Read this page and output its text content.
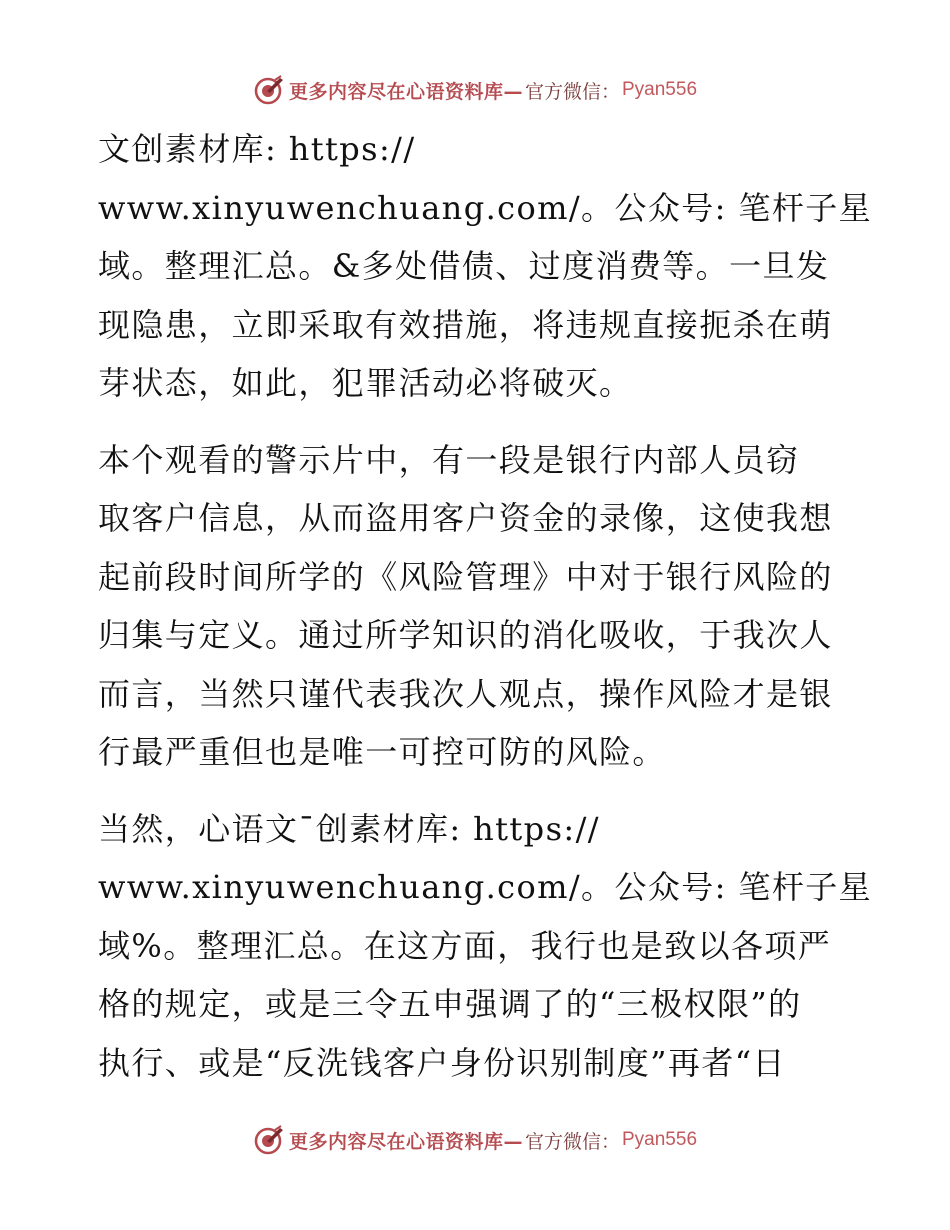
更多内容尽在心语资料库— 官方微信： Pyan556
文创素材库: https://
www.xinyuwenchuang.com/。公众号: 笔杆子星
域。整理汇总。&多处借债、过度消费等。一旦发
现隐患，立即采取有效措施，将违规直接扼杀在萌
芽状态，如此，犯罪活动必将破灭。
本个观看的警示片中，有一段是银行内部人员窃
取客户信息，从而盗用客户资金的录像，这使我想
起前段时间所学的《风险管理》中对于银行风险的
归集与定义。通过所学知识的消化吸收，于我次人
而言，当然只谨代表我次人观点，操作风险才是银
行最严重但也是唯一可控可防的风险。
当然，心语文¯创素材库: https://
www.xinyuwenchuang.com/。公众号: 笔杆子星
域%。整理汇总。在这方面，我行也是致以各项严
格的规定，或是三令五申强调了的“三极权限”的
执行、或是“反洗钱客户身份识别制度”再者“日
更多内容尽在心语资料库— 官方微信： Pyan556
